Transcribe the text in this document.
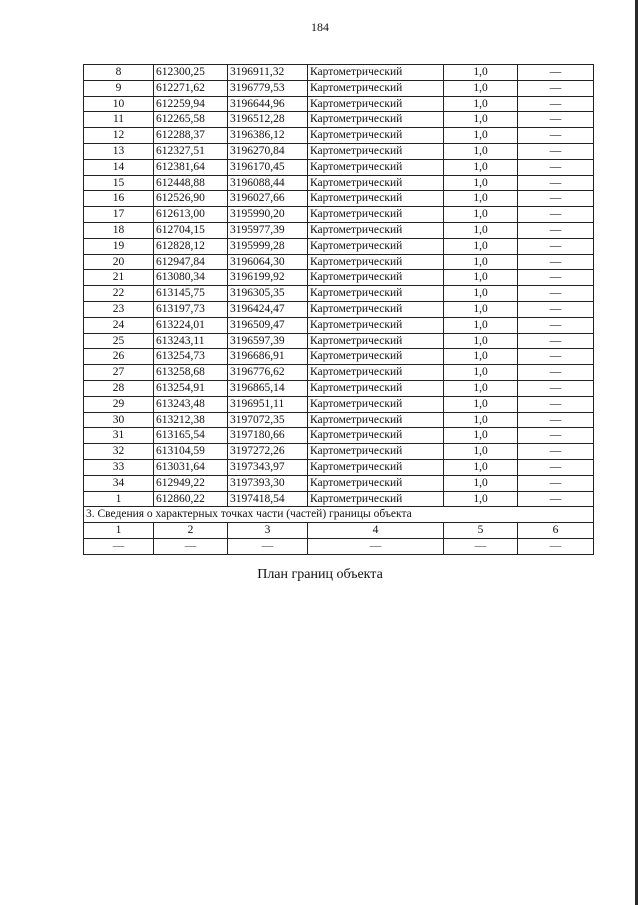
184
8	612300,25	3196911,32	Картометрический	1,0	—
9	612271,62	3196779,53	Картометрический	1,0	—
10	612259,94	3196644,96	Картометрический	1,0	—
11	612265,58	3196512,28	Картометрический	1,0	—
12	612288,37	3196386,12	Картометрический	1,0	—
13	612327,51	3196270,84	Картометрический	1,0	—
14	612381,64	3196170,45	Картометрический	1,0	—
15	612448,88	3196088,44	Картометрический	1,0	—
16	612526,90	3196027,66	Картометрический	1,0	—
17	612613,00	3195990,20	Картометрический	1,0	—
18	612704,15	3195977,39	Картометрический	1,0	—
19	612828,12	3195999,28	Картометрический	1,0	—
20	612947,84	3196064,30	Картометрический	1,0	—
21	613080,34	3196199,92	Картометрический	1,0	—
22	613145,75	3196305,35	Картометрический	1,0	—
23	613197,73	3196424,47	Картометрический	1,0	—
24	613224,01	3196509,47	Картометрический	1,0	—
25	613243,11	3196597,39	Картометрический	1,0	—
26	613254,73	3196686,91	Картометрический	1,0	—
27	613258,68	3196776,62	Картометрический	1,0	—
28	613254,91	3196865,14	Картометрический	1,0	—
29	613243,48	3196951,11	Картометрический	1,0	—
30	613212,38	3197072,35	Картометрический	1,0	—
31	613165,54	3197180,66	Картометрический	1,0	—
32	613104,59	3197272,26	Картометрический	1,0	—
33	613031,64	3197343,97	Картометрический	1,0	—
34	612949,22	3197393,30	Картометрический	1,0	—
1	612860,22	3197418,54	Картометрический	1,0	—
3. Сведения о характерных точках части (частей) границы объекта					
1	2	3	4	5	6
—	—	—	—	—	—
План границ объекта
